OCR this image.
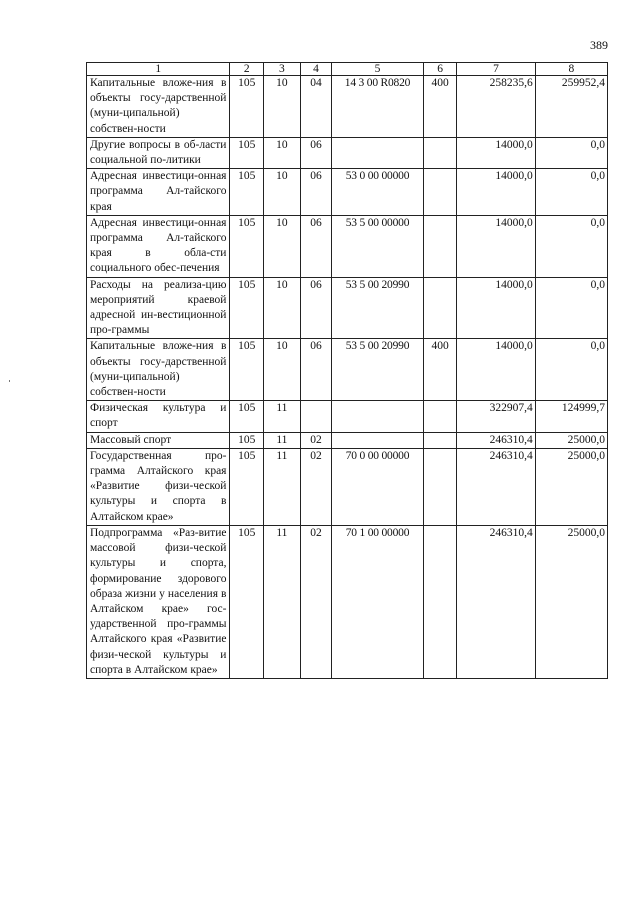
389
1	2	3	4	5	6	7	8
Капитальные вложе-ния в объекты госу-дарственной (муни-ципальной) собствен-ности	105	10	04	14 3 00 R0820	400	258235,6	259952,4
Другие вопросы в об-ласти социальной по-литики	105	10	06			14000,0	0,0
Адресная инвестици-онная программа Ал-тайского края	105	10	06	53 0 00 00000		14000,0	0,0
Адресная инвестици-онная программа Ал-тайского края в обла-сти социального обес-печения	105	10	06	53 5 00 00000		14000,0	0,0
Расходы на реализа-цию мероприятий краевой адресной ин-вестиционной про-граммы	105	10	06	53 5 00 20990		14000,0	0,0
Капитальные вложе-ния в объекты госу-дарственной (муни-ципальной) собствен-ности	105	10	06	53 5 00 20990	400	14000,0	0,0
Физическая культура и спорт	105	11				322907,4	124999,7
Массовый спорт	105	11	02			246310,4	25000,0
Государственная про-грамма Алтайского края «Развитие физи-ческой культуры и спорта в Алтайском крае»	105	11	02	70 0 00 00000		246310,4	25000,0
Подпрограмма «Раз-витие массовой физи-ческой культуры и спорта, формирование здорового образа жизни у населения в Алтайском крае» гос-ударственной про-граммы Алтайского края «Развитие физи-ческой культуры и спорта в Алтайском крае»	105	11	02	70 1 00 00000		246310,4	25000,0
